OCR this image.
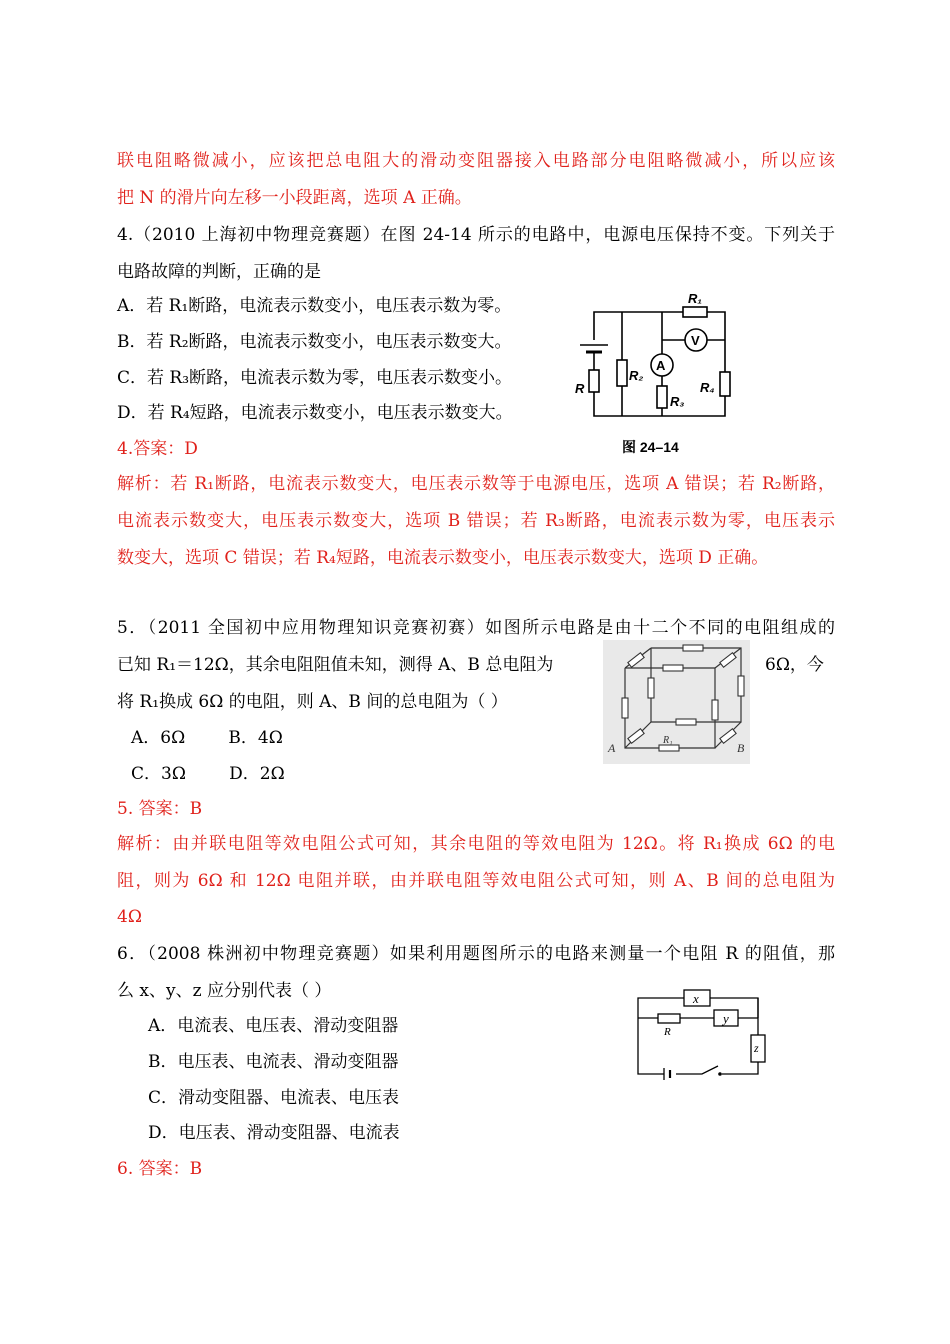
联电阻略微减小，应该把总电阻大的滑动变阻器接入电路部分电阻略微减小，所以应该
把 N 的滑片向左移一小段距离，选项 A 正确。
4.（2010 上海初中物理竞赛题）在图 24-14 所示的电路中，电源电压保持不变。下列关于
电路故障的判断，正确的是
A．若 R₁断路，电流表示数变小，电压表示数为零。
B．若 R₂断路，电流表示数变小，电压表示数变大。
C．若 R₃断路，电流表示数为零，电压表示数变小。
D．若 R₄短路，电流表示数变小，电压表示数变大。
4.答案：D
解析：若 R₁断路，电流表示数变大，电压表示数等于电源电压，选项 A 错误；若 R₂断路，
电流表示数变大，电压表示数变大，选项 B 错误；若 R₃断路，电流表示数为零，电压表示
数变大，选项 C 错误；若 R₄短路，电流表示数变小，电压表示数变大，选项 D 正确。
A
V
R₁
R₂
R₃
R₄
R
图 24–14
5．（2011 全国初中应用物理知识竞赛初赛）如图所示电路是由十二个不同的电阻组成的
已知 R₁＝12Ω，其余电阻阻值未知，测得 A、B 总电阻为	6Ω，今
将 R₁换成 6Ω 的电阻，则 A、B 间的总电阻为（ ）
A．6Ω        B．4Ω
C．3Ω        D．2Ω
5. 答案：B
解析：由并联电阻等效电阻公式可知，其余电阻的等效电阻为 12Ω。将 R₁换成 6Ω 的电
阻，则为 6Ω 和 12Ω 电阻并联，由并联电阻等效电阻公式可知，则 A、B 间的总电阻为
4Ω
A	B
R₁
6．（2008 株洲初中物理竞赛题）如果利用题图所示的电路来测量一个电阻 R 的阻值，那
么 x、y、z 应分别代表（ ）
A．电流表、电压表、滑动变阻器
B．电压表、电流表、滑动变阻器
C．滑动变阻器、电流表、电压表
D．电压表、滑动变阻器、电流表
6. 答案：B
x
y
z
R
